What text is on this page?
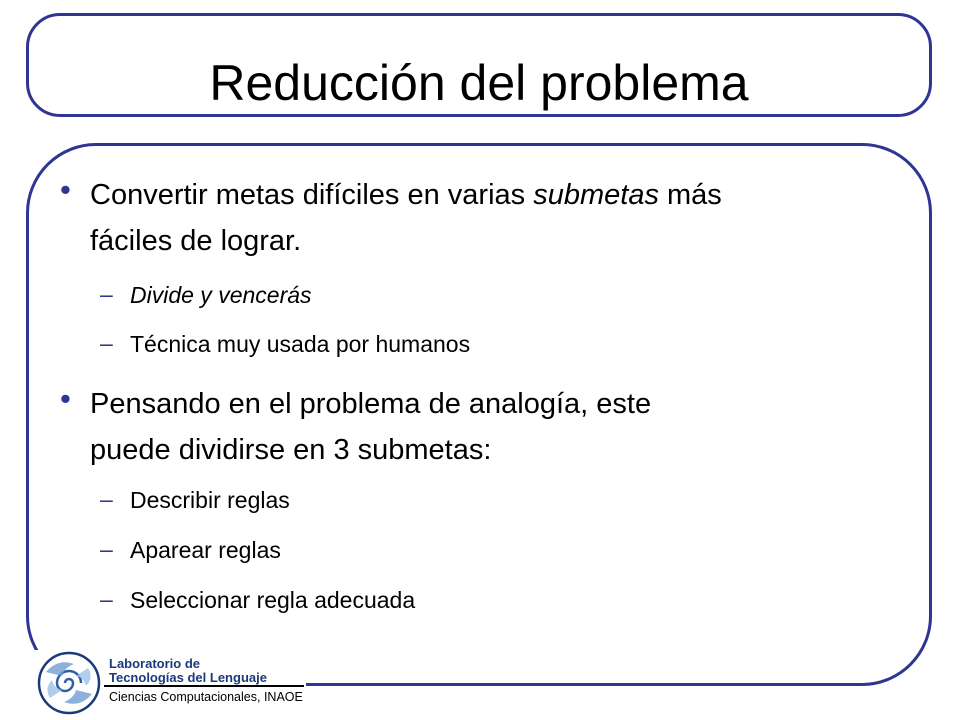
Reducción del problema
• Convertir metas difíciles en varias submetas más
fáciles de lograr.
– Divide y vencerás
– Técnica muy usada por humanos
• Pensando en el problema de analogía, este
puede dividirse en 3 submetas:
– Describir reglas
– Aparear reglas
– Seleccionar regla adecuada
Laboratorio de
Tecnologías del Lenguaje
Ciencias Computacionales, INAOE
